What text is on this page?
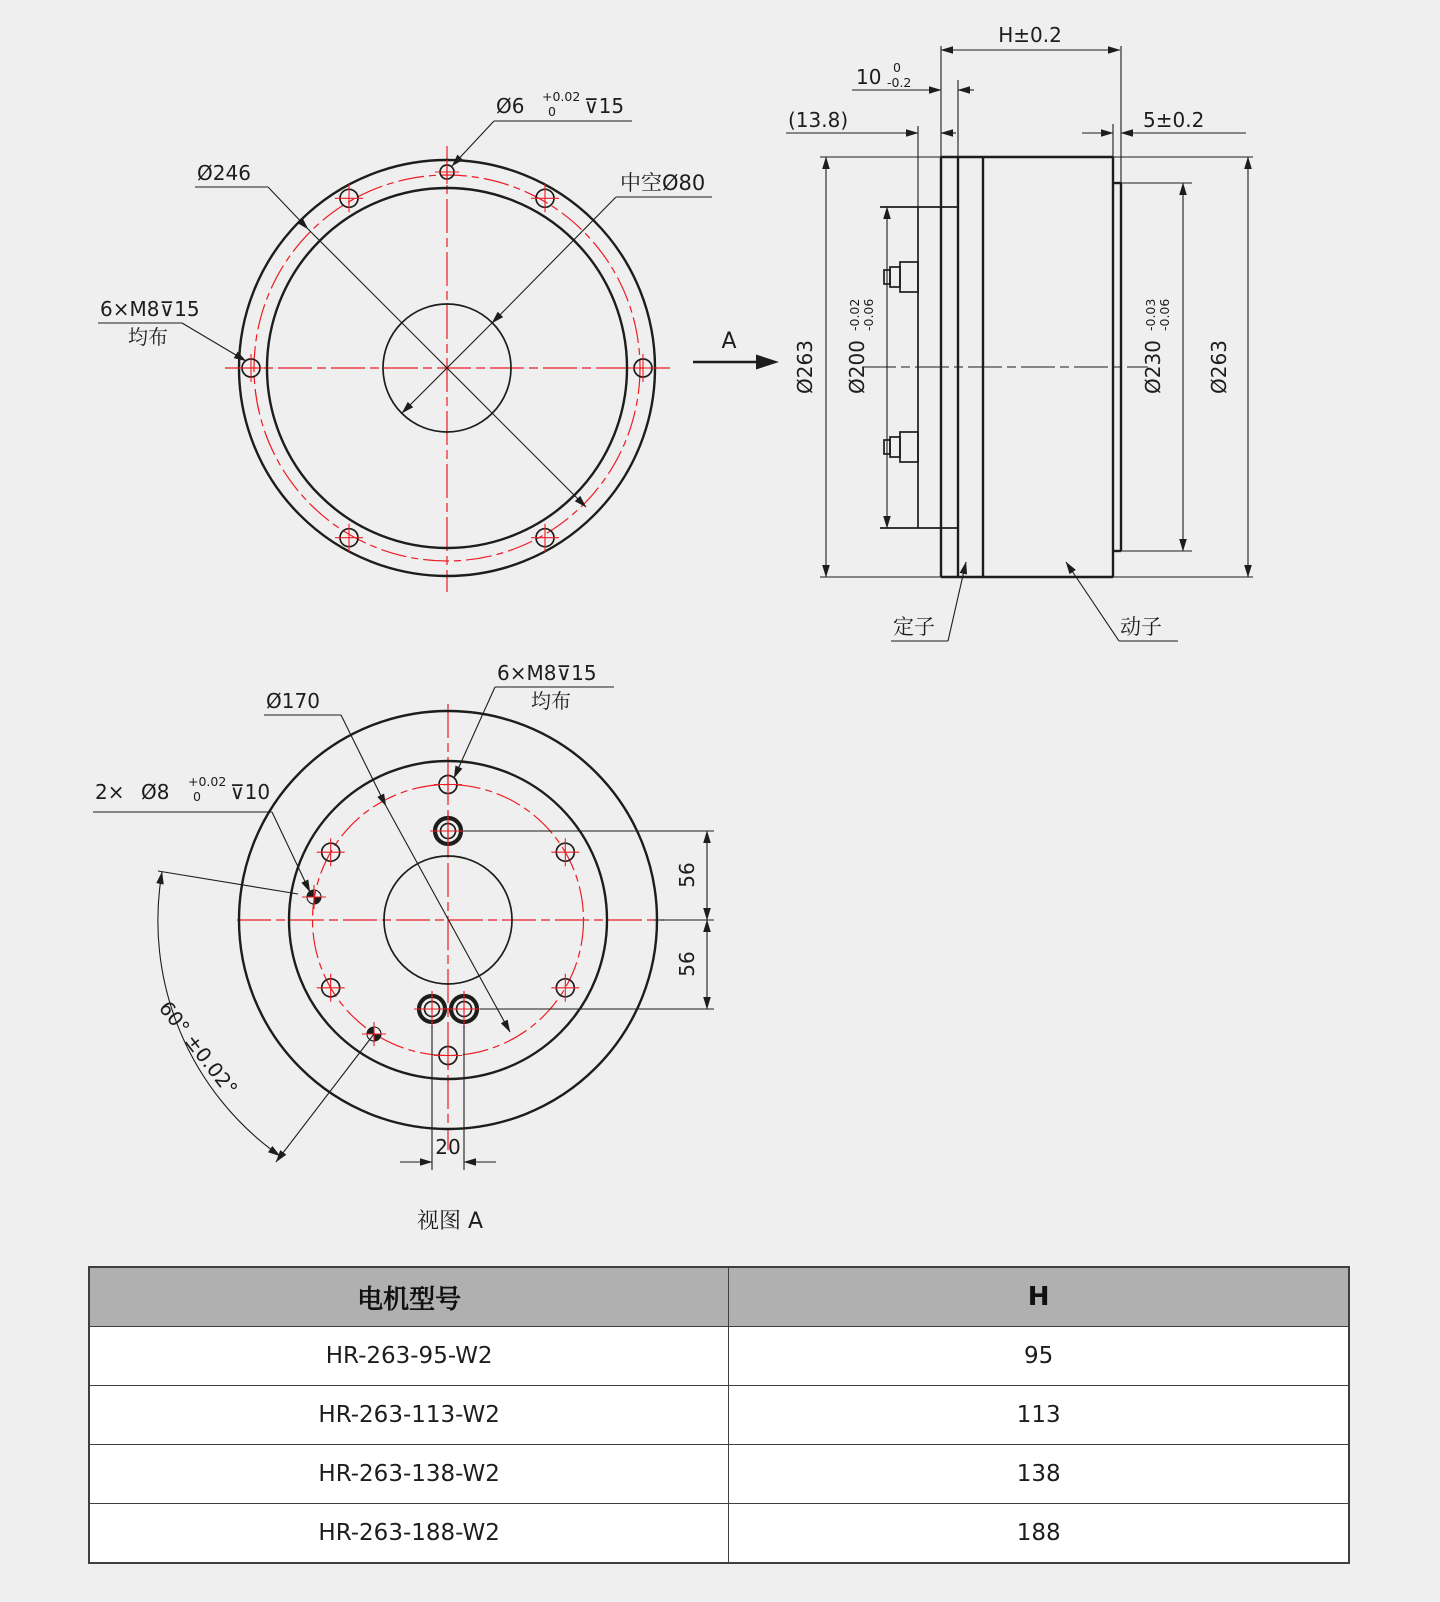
Ø246	中空Ø80
6×M8⊽15
均布
Ø6 +0.02
0 ⊽15
A
H±0.2
10 0
-0.2
(13.8)	5±0.2
Ø263 Ø200
-0.02 -0.06
Ø230
-0.03 -0.06
Ø263
定子	动子
56
56
20
Ø170
6×M8⊽15
均布
2× Ø8 +0.02
0 ⊽10
60° ±0.02°
视图 A
电机型号	H
HR-263-95-W2	95
HR-263-113-W2	113
HR-263-138-W2	138
HR-263-188-W2	188
